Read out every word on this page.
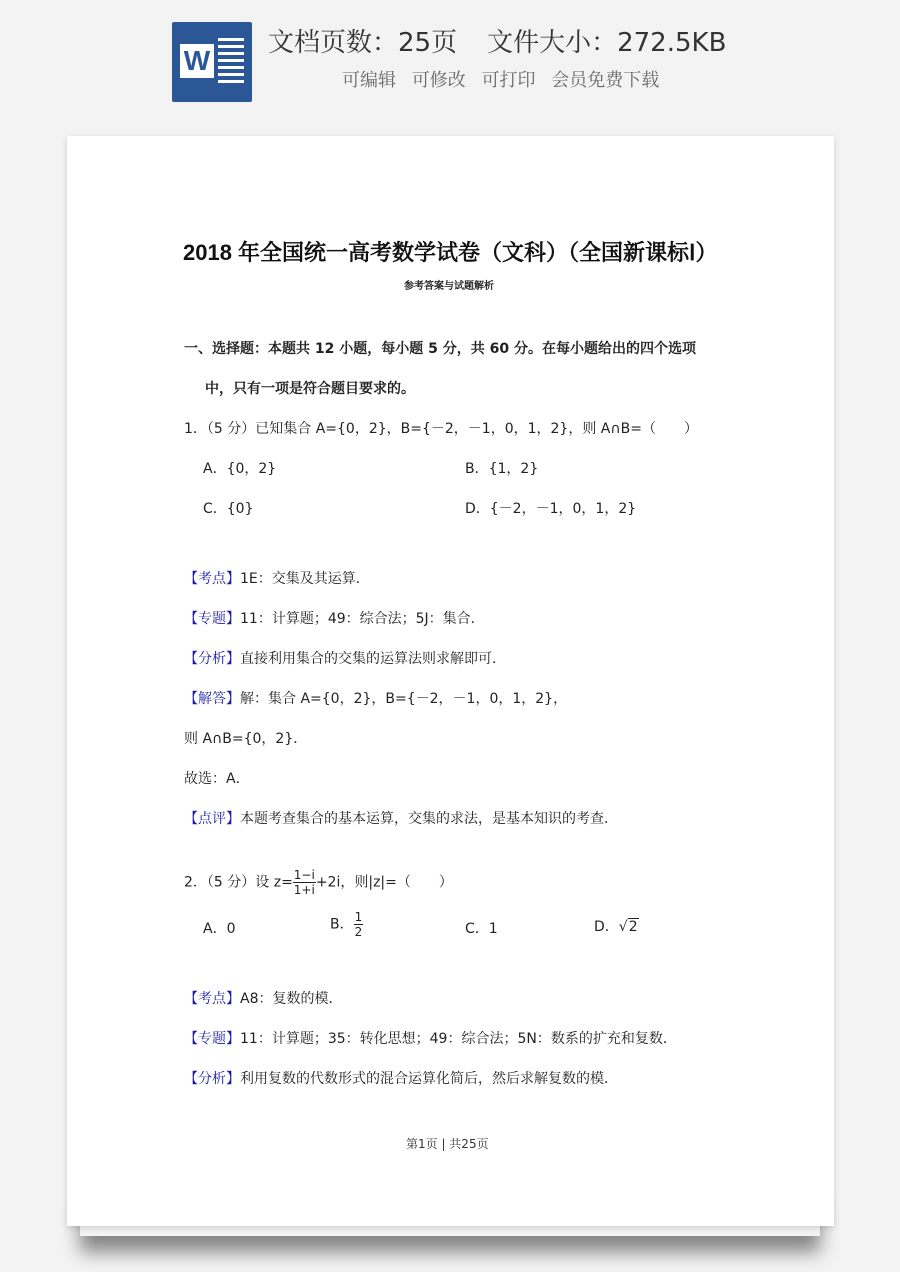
W
文档页数：25页 文件大小：272.5KB
可编辑 可修改 可打印 会员免费下载
2018 年全国统一高考数学试卷（文科）（全国新课标Ⅰ）
参考答案与试题解析
一、选择题：本题共 12 小题，每小题 5 分，共 60 分。在每小题给出的四个选项
中，只有一项是符合题目要求的。
1．（5 分）已知集合 A={0，2}，B={－2，－1，0，1，2}，则 A∩B=（　　）
A．{0，2}	B．{1，2}
C．{0}	D．{－2，－1，0，1，2}
【考点】1E：交集及其运算．
【专题】11：计算题；49：综合法；5J：集合．
【分析】直接利用集合的交集的运算法则求解即可．
【解答】解：集合 A={0，2}，B={－2，－1，0，1，2}，
则 A∩B={0，2}．
故选：A．
【点评】本题考查集合的基本运算，交集的求法，是基本知识的考查．
2．（5 分）设 $z= \frac{1-i}{1+i} +2i$，则|z|=（　　）
A．0	B． $\frac{1}{2}$	C．1	D．√2
【考点】A8：复数的模．
【专题】11：计算题；35：转化思想；49：综合法；5N：数系的扩充和复数．
【分析】利用复数的代数形式的混合运算化简后，然后求解复数的模．
第1页 | 共25页
